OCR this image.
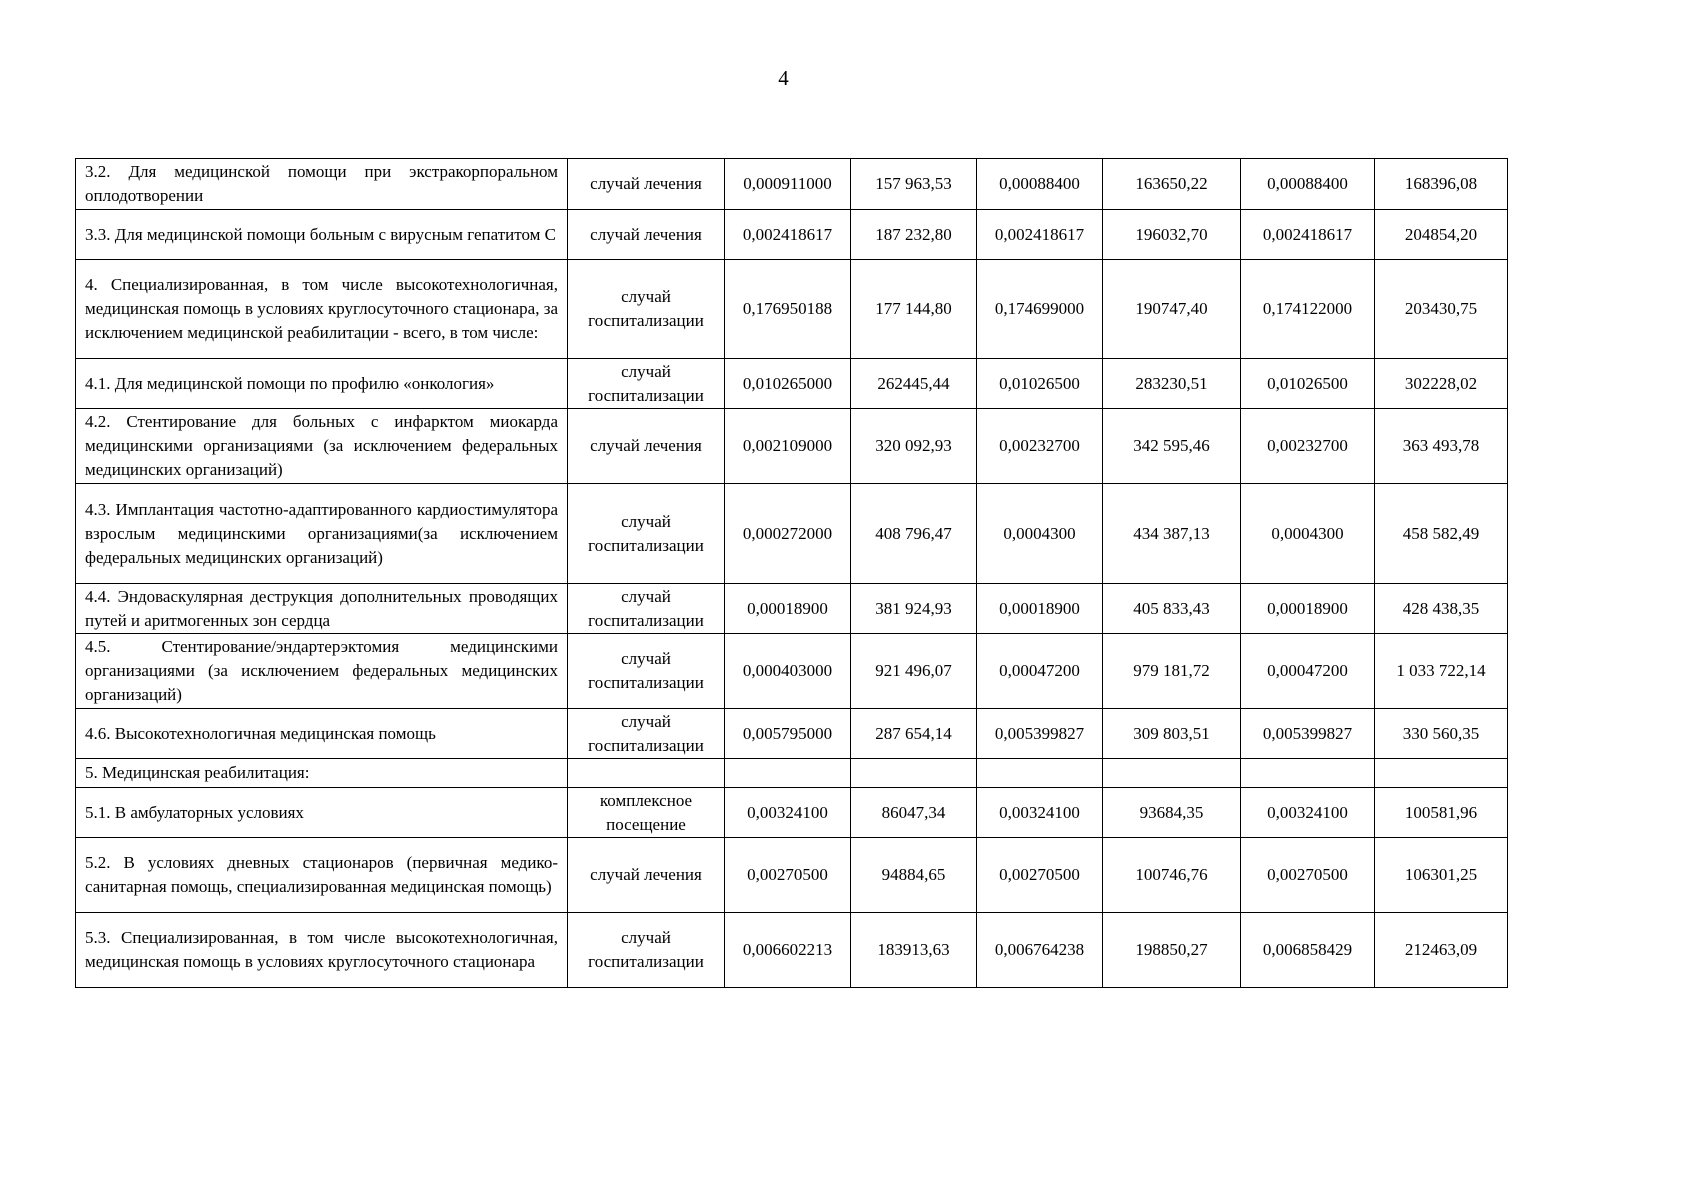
4
3.2. Для медицинской помощи при экстракорпоральном оплодотворении	случай лечения	0,000911000	157 963,53	0,00088400	163650,22	0,00088400	168396,08
3.3. Для медицинской помощи больным с вирусным гепатитом С	случай лечения	0,002418617	187 232,80	0,002418617	196032,70	0,002418617	204854,20
4. Специализированная, в том числе высокотехнологичная, медицинская помощь в условиях круглосуточного стационара, за исключением медицинской реабилитации - всего, в том числе:	случай госпитализации	0,176950188	177 144,80	0,174699000	190747,40	0,174122000	203430,75
4.1. Для медицинской помощи по профилю «онкология»	случай госпитализации	0,010265000	262445,44	0,01026500	283230,51	0,01026500	302228,02
4.2. Стентирование для больных с инфарктом миокарда медицинскими организациями (за исключением федеральных медицинских организаций)	случай лечения	0,002109000	320 092,93	0,00232700	342 595,46	0,00232700	363 493,78
4.3. Имплантация частотно-адаптированного кардиостимулятора взрослым медицинскими организациями(за исключением федеральных медицинских организаций)	случай госпитализации	0,000272000	408 796,47	0,0004300	434 387,13	0,0004300	458 582,49
4.4. Эндоваскулярная деструкция дополнительных проводящих путей и аритмогенных зон сердца	случай госпитализации	0,00018900	381 924,93	0,00018900	405 833,43	0,00018900	428 438,35
4.5. Стентирование/эндартерэктомия медицинскими организациями (за исключением федеральных медицинских организаций)	случай госпитализации	0,000403000	921 496,07	0,00047200	979 181,72	0,00047200	1 033 722,14
4.6. Высокотехнологичная медицинская помощь	случай госпитализации	0,005795000	287 654,14	0,005399827	309 803,51	0,005399827	330 560,35
5. Медицинская реабилитация:							
5.1. В амбулаторных условиях	комплексное посещение	0,00324100	86047,34	0,00324100	93684,35	0,00324100	100581,96
5.2. В условиях дневных стационаров (первичная медико-санитарная помощь, специализированная медицинская помощь)	случай лечения	0,00270500	94884,65	0,00270500	100746,76	0,00270500	106301,25
5.3. Специализированная, в том числе высокотехнологичная, медицинская помощь в условиях круглосуточного стационара	случай госпитализации	0,006602213	183913,63	0,006764238	198850,27	0,006858429	212463,09
